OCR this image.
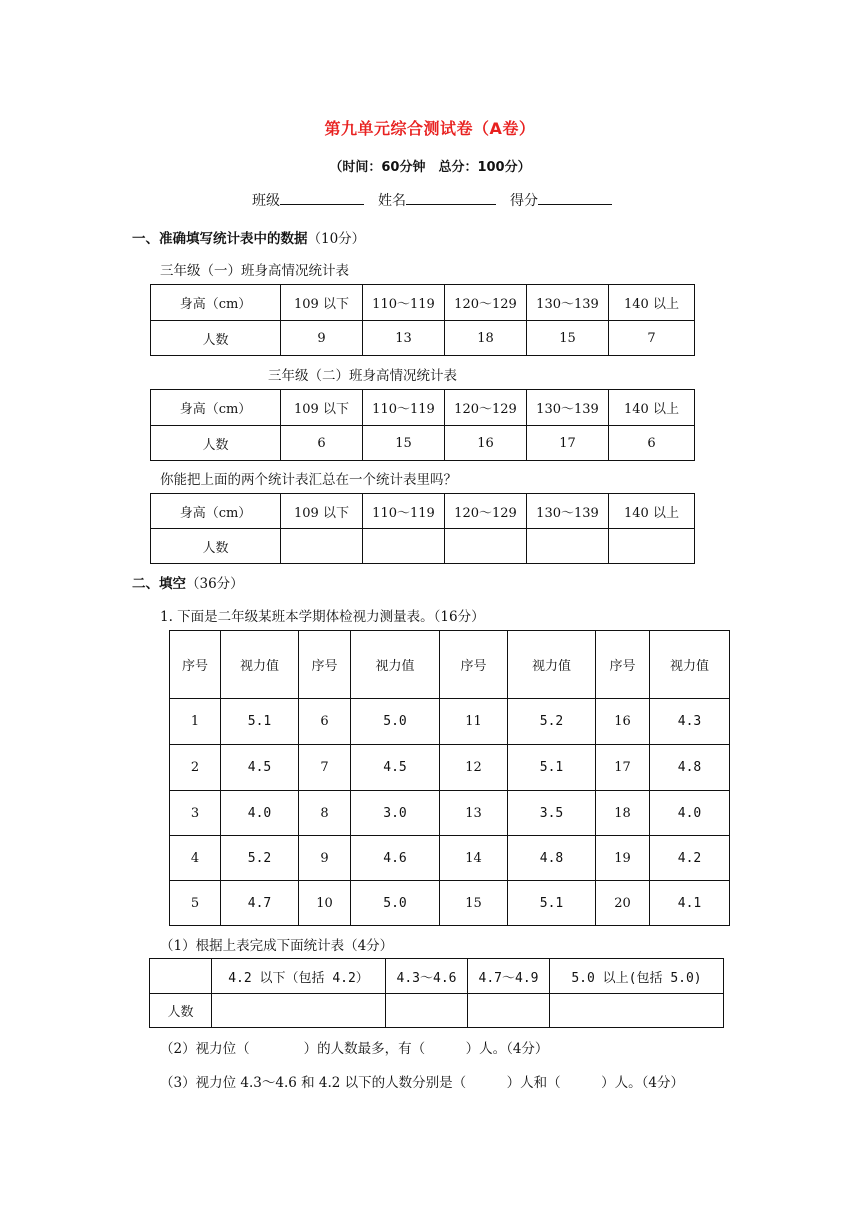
第九单元综合测试卷（A卷）
（时间：60分钟　总分：100分）
班级	姓名	得分
一、准确填写统计表中的数据（10分）
三年级（一）班身高情况统计表
身高（cm）	109 以下	110～119	120～129	130～139	140 以上
人数	9	13	18	15	7
三年级（二）班身高情况统计表
身高（cm）	109 以下	110～119	120～129	130～139	140 以上
人数	6	15	16	17	6
你能把上面的两个统计表汇总在一个统计表里吗？
身高（cm）	109 以下	110～119	120～129	130～139	140 以上
人数					
二、填空（36分）
1. 下面是二年级某班本学期体检视力测量表。（16分）
序号	视力值	序号	视力值	序号	视力值	序号	视力值
1	5.1	6	5.0	11	5.2	16	4.3
2	4.5	7	4.5	12	5.1	17	4.8
3	4.0	8	3.0	13	3.5	18	4.0
4	5.2	9	4.6	14	4.8	19	4.2
5	4.7	10	5.0	15	5.1	20	4.1
（1）根据上表完成下面统计表（4分）
	4.2 以下（包括 4.2）	4.3～4.6	4.7～4.9	5.0 以上(包括 5.0)
人数				
（2）视力位（　　　　）的人数最多，有（　　　）人。（4分）
（3）视力位 4.3～4.6 和 4.2 以下的人数分别是（　　　）人和（　　　）人。（4分）
